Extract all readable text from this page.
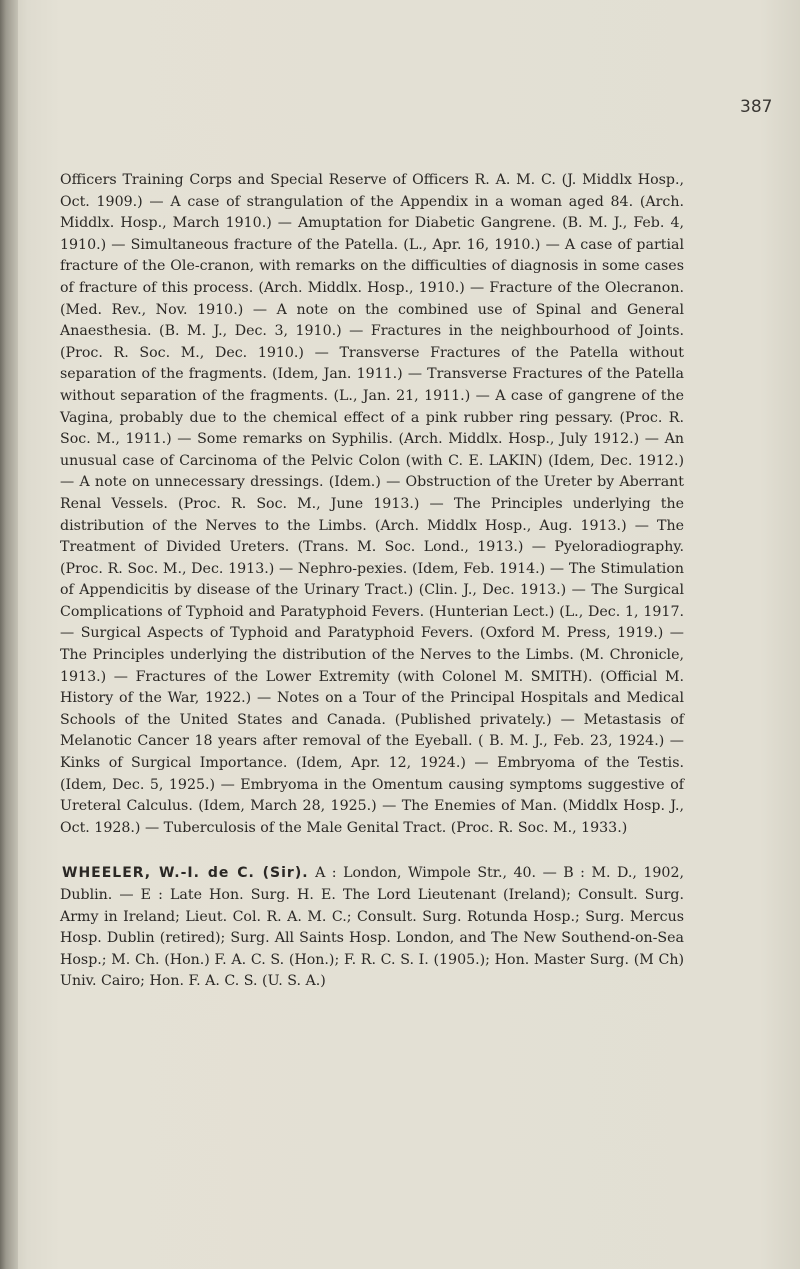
387

Officers Training Corps and Special Reserve of Officers R. A. M. C. (J. Middlx Hosp., Oct. 1909.) — A case of strangulation of the Appendix in a woman aged 84. (Arch. Middlx. Hosp., March 1910.) — Amuptation for Diabetic Gangrene. (B. M. J., Feb. 4, 1910.) — Simultaneous fracture of the Patella. (L., Apr. 16, 1910.) — A case of partial fracture of the Ole-cranon, with remarks on the difficulties of diagnosis in some cases of fracture of this process. (Arch. Middlx. Hosp., 1910.) — Fracture of the Olecranon. (Med. Rev., Nov. 1910.) — A note on the combined use of Spinal and General Anaesthesia. (B. M. J., Dec. 3, 1910.) — Fractures in the neighbourhood of Joints. (Proc. R. Soc. M., Dec. 1910.) — Transverse Fractures of the Patella without separation of the fragments. (Idem, Jan. 1911.) — Transverse Fractures of the Patella without separation of the fragments. (L., Jan. 21, 1911.) — A case of gangrene of the Vagina, probably due to the chemical effect of a pink rubber ring pessary. (Proc. R. Soc. M., 1911.) — Some remarks on Syphilis. (Arch. Middlx. Hosp., July 1912.) — An unusual case of Carcinoma of the Pelvic Colon (with C. E. LAKIN) (Idem, Dec. 1912.) — A note on unnecessary dressings. (Idem.) — Obstruction of the Ureter by Aberrant Renal Vessels. (Proc. R. Soc. M., June 1913.) — The Principles underlying the distribution of the Nerves to the Limbs. (Arch. Middlx Hosp., Aug. 1913.) — The Treatment of Divided Ureters. (Trans. M. Soc. Lond., 1913.) — Pyeloradiography. (Proc. R. Soc. M., Dec. 1913.) — Nephro-pexies. (Idem, Feb. 1914.) — The Stimulation of Appendicitis by disease of the Urinary Tract.) (Clin. J., Dec. 1913.) — The Surgical Complications of Typhoid and Paratyphoid Fevers. (Hunterian Lect.) (L., Dec. 1, 1917. — Surgical Aspects of Typhoid and Paratyphoid Fevers. (Oxford M. Press, 1919.) — The Principles underlying the distribution of the Nerves to the Limbs. (M. Chronicle, 1913.) — Fractures of the Lower Extremity (with Colonel M. SMITH). (Official M. History of the War, 1922.) — Notes on a Tour of the Principal Hospitals and Medical Schools of the United States and Canada. (Published privately.) — Metastasis of Melanotic Cancer 18 years after removal of the Eyeball. ( B. M. J., Feb. 23, 1924.) — Kinks of Surgical Importance. (Idem, Apr. 12, 1924.) — Embryoma of the Testis. (Idem, Dec. 5, 1925.) — Embryoma in the Omentum causing symptoms suggestive of Ureteral Calculus. (Idem, March 28, 1925.) — The Enemies of Man. (Middlx Hosp. J., Oct. 1928.) — Tuberculosis of the Male Genital Tract. (Proc. R. Soc. M., 1933.)

WHEELER, W.-I. de C. (Sir). A : London, Wimpole Str., 40. — B : M. D., 1902, Dublin. — E : Late Hon. Surg. H. E. The Lord Lieutenant (Ireland); Consult. Surg. Army in Ireland; Lieut. Col. R. A. M. C.; Consult. Surg. Rotunda Hosp.; Surg. Mercus Hosp. Dublin (retired); Surg. All Saints Hosp. London, and The New Southend-on-Sea Hosp.; M. Ch. (Hon.) F. A. C. S. (Hon.); F. R. C. S. I. (1905.); Hon. Master Surg. (M Ch) Univ. Cairo; Hon. F. A. C. S. (U. S. A.)
